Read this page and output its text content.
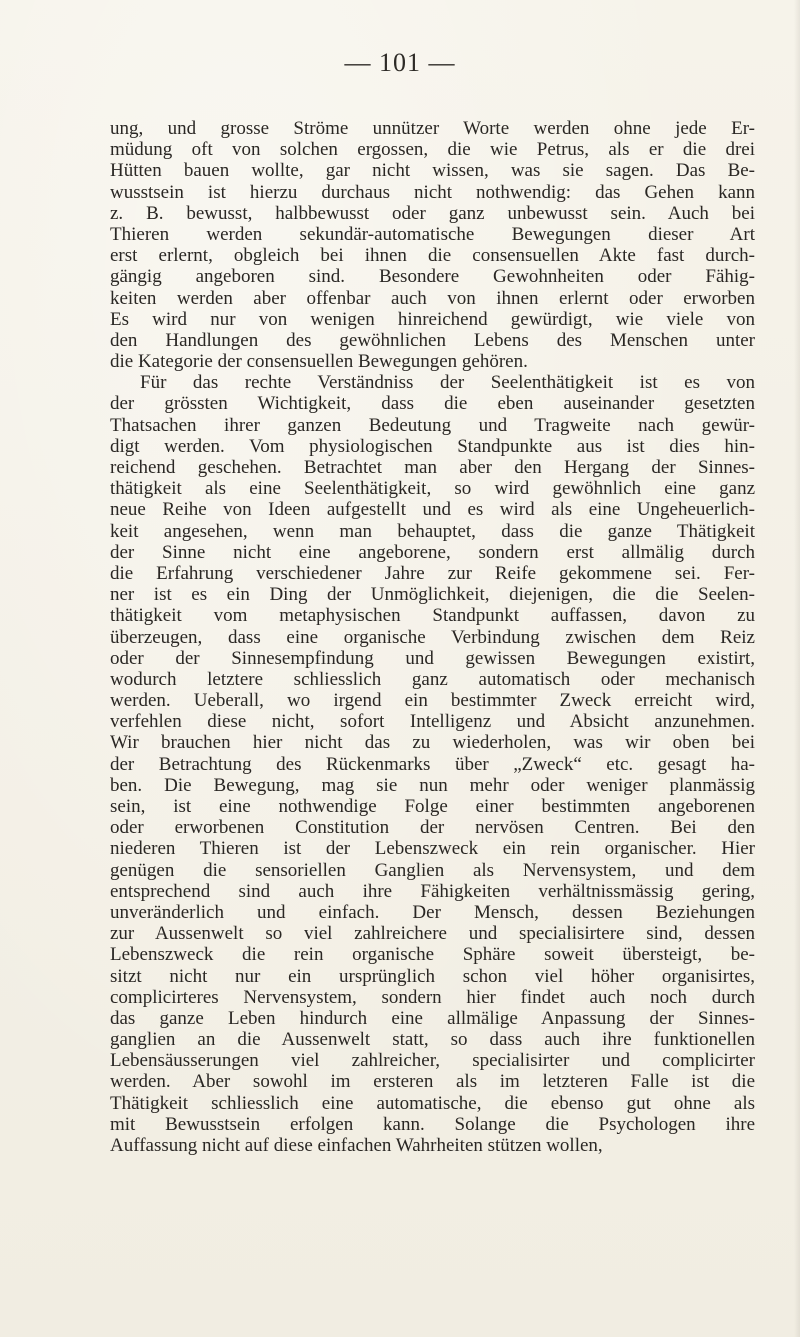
— 101 —
ung, und grosse Ströme unnützer Worte werden ohne jede Er-
müdung oft von solchen ergossen, die wie Petrus, als er die drei
Hütten bauen wollte, gar nicht wissen, was sie sagen. Das Be-
wusstsein ist hierzu durchaus nicht nothwendig: das Gehen kann
z. B. bewusst, halbbewusst oder ganz unbewusst sein. Auch bei
Thieren werden sekundär-automatische Bewegungen dieser Art
erst erlernt, obgleich bei ihnen die consensuellen Akte fast durch-
gängig angeboren sind. Besondere Gewohnheiten oder Fähig-
keiten werden aber offenbar auch von ihnen erlernt oder erworben
Es wird nur von wenigen hinreichend gewürdigt, wie viele von
den Handlungen des gewöhnlichen Lebens des Menschen unter
die Kategorie der consensuellen Bewegungen gehören.
Für das rechte Verständniss der Seelenthätigkeit ist es von
der grössten Wichtigkeit, dass die eben auseinander gesetzten
Thatsachen ihrer ganzen Bedeutung und Tragweite nach gewür-
digt werden. Vom physiologischen Standpunkte aus ist dies hin-
reichend geschehen. Betrachtet man aber den Hergang der Sinnes-
thätigkeit als eine Seelenthätigkeit, so wird gewöhnlich eine ganz
neue Reihe von Ideen aufgestellt und es wird als eine Ungeheuerlich-
keit angesehen, wenn man behauptet, dass die ganze Thätigkeit
der Sinne nicht eine angeborene, sondern erst allmälig durch
die Erfahrung verschiedener Jahre zur Reife gekommene sei. Fer-
ner ist es ein Ding der Unmöglichkeit, diejenigen, die die Seelen-
thätigkeit vom metaphysischen Standpunkt auffassen, davon zu
überzeugen, dass eine organische Verbindung zwischen dem Reiz
oder der Sinnesempfindung und gewissen Bewegungen existirt,
wodurch letztere schliesslich ganz automatisch oder mechanisch
werden. Ueberall, wo irgend ein bestimmter Zweck erreicht wird,
verfehlen diese nicht, sofort Intelligenz und Absicht anzunehmen.
Wir brauchen hier nicht das zu wiederholen, was wir oben bei
der Betrachtung des Rückenmarks über „Zweck“ etc. gesagt ha-
ben. Die Bewegung, mag sie nun mehr oder weniger planmässig
sein, ist eine nothwendige Folge einer bestimmten angeborenen
oder erworbenen Constitution der nervösen Centren. Bei den
niederen Thieren ist der Lebenszweck ein rein organischer. Hier
genügen die sensoriellen Ganglien als Nervensystem, und dem
entsprechend sind auch ihre Fähigkeiten verhältnissmässig gering,
unveränderlich und einfach. Der Mensch, dessen Beziehungen
zur Aussenwelt so viel zahlreichere und specialisirtere sind, dessen
Lebenszweck die rein organische Sphäre soweit übersteigt, be-
sitzt nicht nur ein ursprünglich schon viel höher organisirtes,
complicirteres Nervensystem, sondern hier findet auch noch durch
das ganze Leben hindurch eine allmälige Anpassung der Sinnes-
ganglien an die Aussenwelt statt, so dass auch ihre funktionellen
Lebensäusserungen viel zahlreicher, specialisirter und complicirter
werden. Aber sowohl im ersteren als im letzteren Falle ist die
Thätigkeit schliesslich eine automatische, die ebenso gut ohne als
mit Bewusstsein erfolgen kann. Solange die Psychologen ihre
Auffassung nicht auf diese einfachen Wahrheiten stützen wollen,
